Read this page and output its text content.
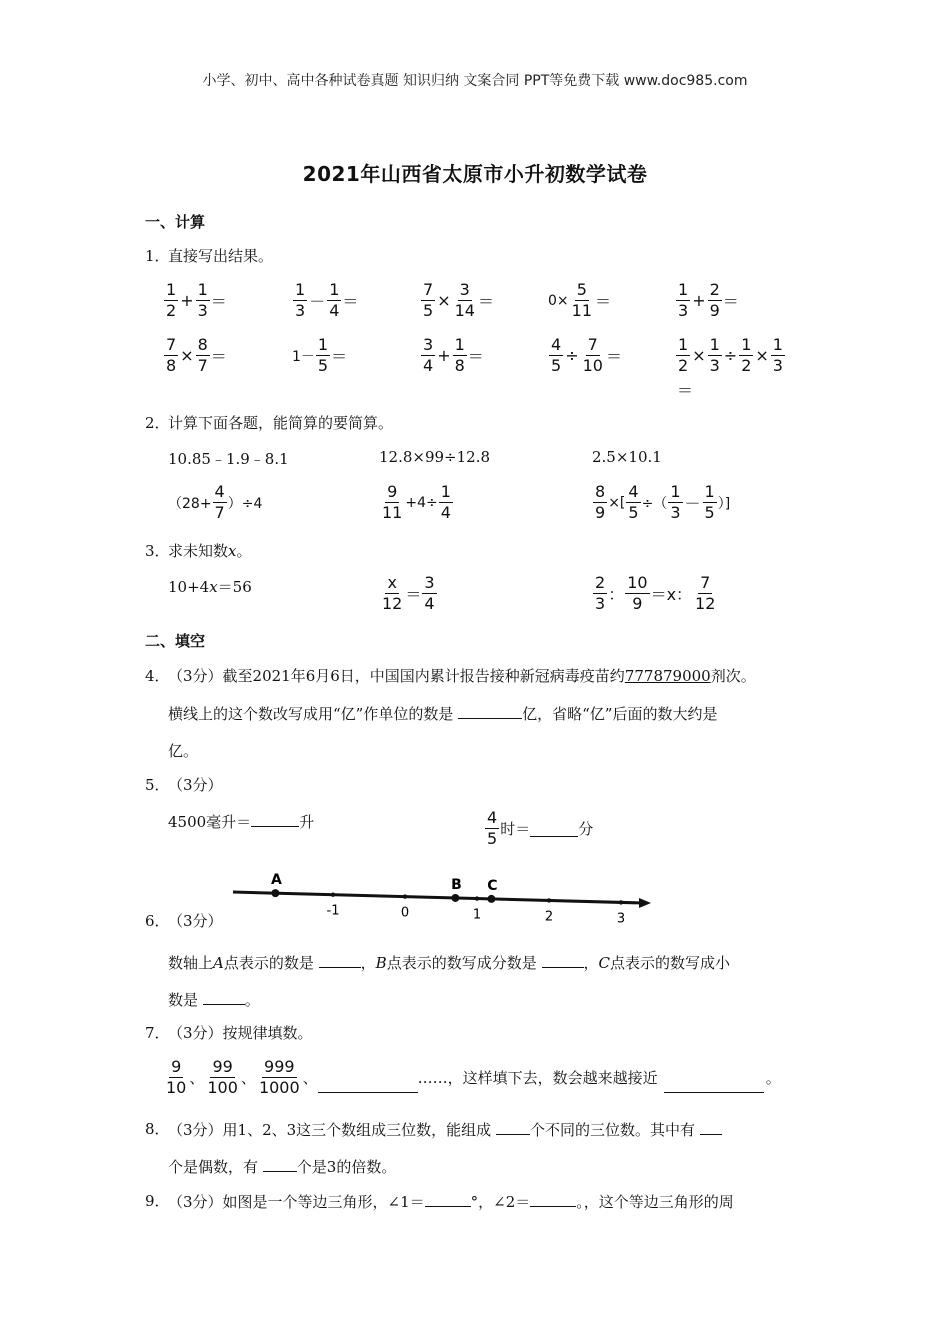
小学、初中、高中各种试卷真题 知识归纳 文案合同 PPT等免费下载 www.doc985.com
2021年山西省太原市小升初数学试卷
一、计算
1．
直接写出结果。
$\frac{1}{2} + \frac{1}{3}$ ＝	$\frac{1}{3} - \frac{1}{4}$ ＝	$\frac{7}{5} \times \frac{3}{14}$ ＝	$0\times \frac{5}{11}$ ＝	$\frac{1}{3} + \frac{2}{9}$ ＝
$\frac{7}{8} \times \frac{8}{7}$ ＝	$1- \frac{1}{5}$ ＝	$\frac{3}{4} + \frac{1}{8}$ ＝	$\frac{4}{5} \div \frac{7}{10}$ ＝	$\frac{1}{2} \times \frac{1}{3} \div \frac{1}{2} \times \frac{1}{3}$
＝
2．
计算下面各题，能简算的要简算。
10.85﹣1.9﹣8.1	12.8×99÷12.8	2.5×10.1
$(28+ \frac{4}{7} )\div 4$	$\frac{9}{11} +4\div \frac{1}{4}$	$\frac{8}{9}$ ×[ $\frac{4}{5}$ ÷（ $\frac{1}{3} - \frac{1}{5}$ ）]
3．
求未知数x。
10+4x＝56	$\frac{x}{12} = \frac{3}{4}$	$\frac{2}{3}$ ： $\frac{10}{9} =x$： $\frac{7}{12}$
二、填空
4．
（3分）截至2021年6月6日，中国国内累计报告接种新冠病毒疫苗约777879000剂次。
横线上的这个数改写成用“亿”作单位的数是	亿，省略“亿”后面的数大约是
亿。
5．
（3分）
4500毫升＝	升	$\frac{4}{5}$ 时＝	分
-1	0	1	2	3
A	B C
6．
（3分）
数轴上A点表示的数是	，B点表示的数写成分数是	，C点表示的数写成小
数是	。
7．
（3分）按规律填数。
$\frac{9}{10}$ 、 $\frac{99}{100}$ 、 $\frac{999}{1000}$ 、	……，这样填下去，数会越来越接近	。
8．
（3分）用1、2、3这三个数组成三位数，能组成	个不同的三位数。其中有
个是偶数，有	个是3的倍数。
9．
（3分）如图是一个等边三角形，∠1＝	°，∠2＝	。，这个等边三角形的周
